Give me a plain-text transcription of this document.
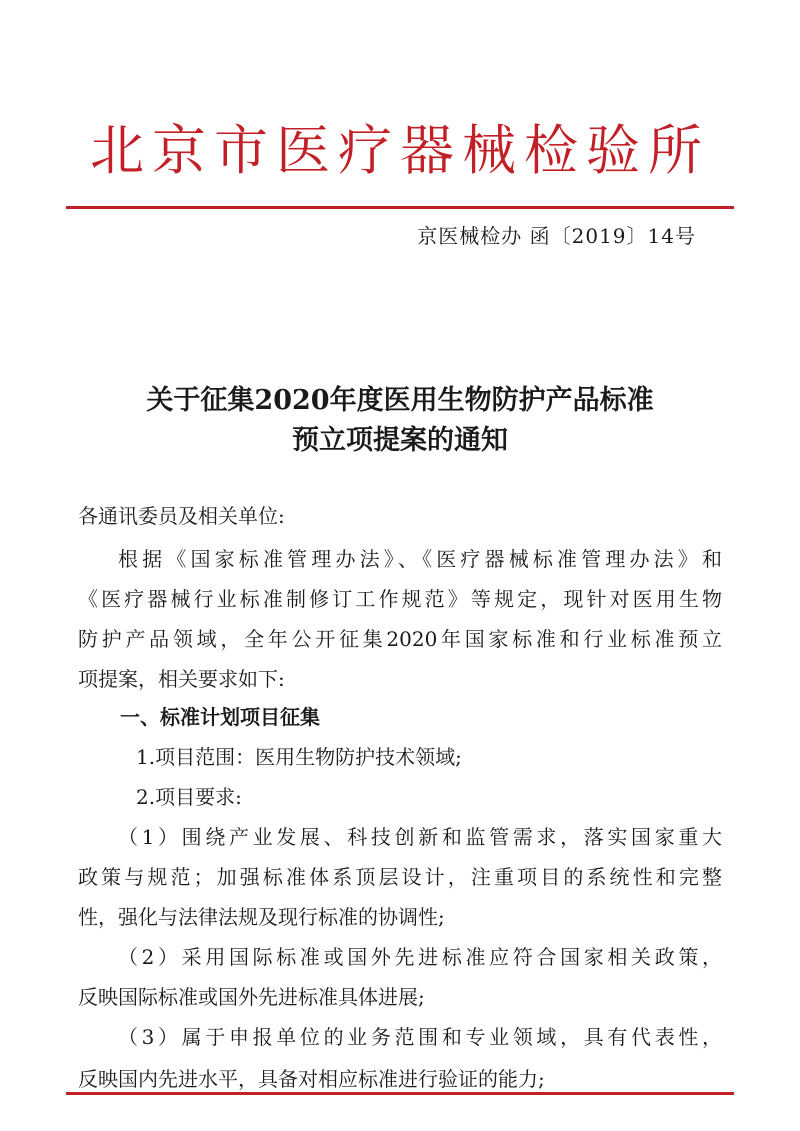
北京市医疗器械检验所
京医械检办 函〔2019〕14号
关于征集2020年度医用生物防护产品标准
预立项提案的通知
各通讯委员及相关单位:
根据《国家标准管理办法》、《医疗器械标准管理办法》和
《医疗器械行业标准制修订工作规范》等规定，现针对医用生物
防护产品领域，全年公开征集2020年国家标准和行业标准预立
项提案，相关要求如下:
一、标准计划项目征集
1.项目范围：医用生物防护技术领域;
2.项目要求:
（1）围绕产业发展、科技创新和监管需求，落实国家重大
政策与规范；加强标准体系顶层设计，注重项目的系统性和完整
性，强化与法律法规及现行标准的协调性;
（2）采用国际标准或国外先进标准应符合国家相关政策，
反映国际标准或国外先进标准具体进展;
（3）属于申报单位的业务范围和专业领域，具有代表性，
反映国内先进水平，具备对相应标准进行验证的能力;
